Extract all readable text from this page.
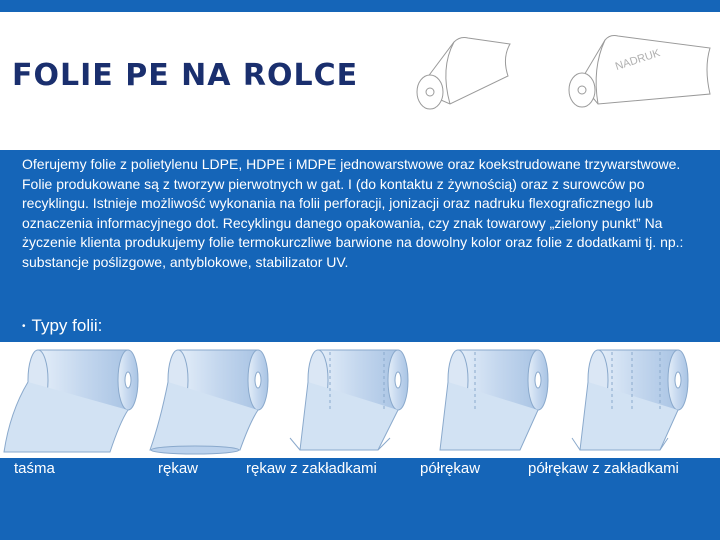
FOLIE PE NA ROLCE	NADRUK
Oferujemy folie z polietylenu LDPE, HDPE i MDPE jednowarstwowe oraz koekstrudowane trzywarstwowe. Folie produkowane są z tworzyw pierwotnych w gat. I (do kontaktu z żywnością) oraz z surowców po recyklingu. Istnieje możliwość wykonania na folii perforacji, jonizacji oraz nadruku flexograficznego lub oznaczenia informacyjnego dot. Recyklingu danego opakowania, czy znak towarowy „zielony punkt” Na życzenie klienta produkujemy folie termokurczliwe barwione na dowolny kolor oraz folie z dodatkami tj. np.: substancje poślizgowe, antyblokowe, stabilizator UV.
• Typy folii:
taśma	rękaw	rękaw z zakładkami	półrękaw	półrękaw z zakładkami
